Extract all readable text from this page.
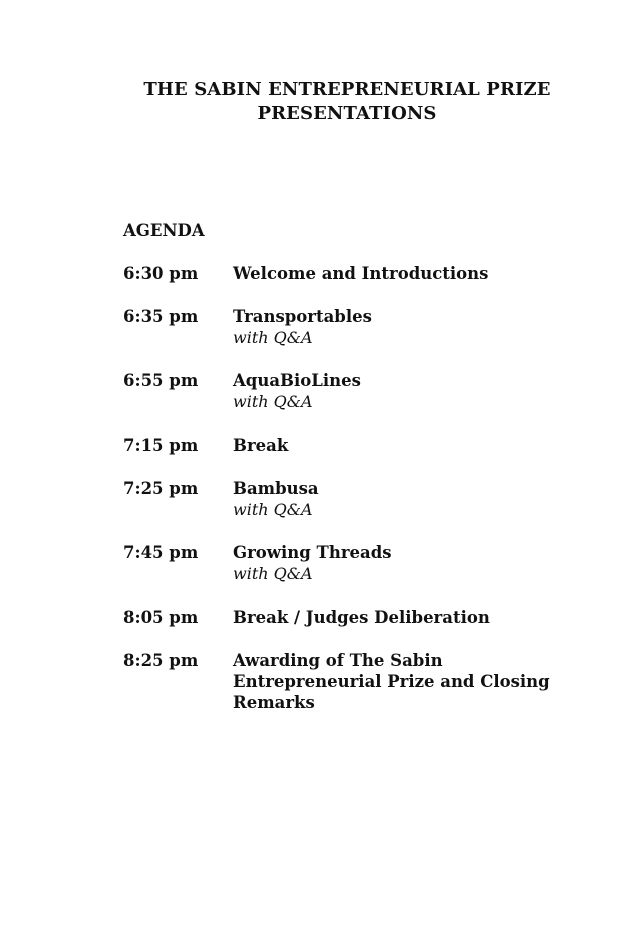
THE SABIN ENTREPRENEURIAL PRIZE
PRESENTATIONS
AGENDA
6:30 pm	Welcome and Introductions
6:35 pm	Transportables
with Q&A
6:55 pm	AquaBioLines
with Q&A
7:15 pm	Break
7:25 pm	Bambusa
with Q&A
7:45 pm	Growing Threads
with Q&A
8:05 pm	Break / Judges Deliberation
8:25 pm	Awarding of The Sabin Entrepreneurial Prize and Closing Remarks
